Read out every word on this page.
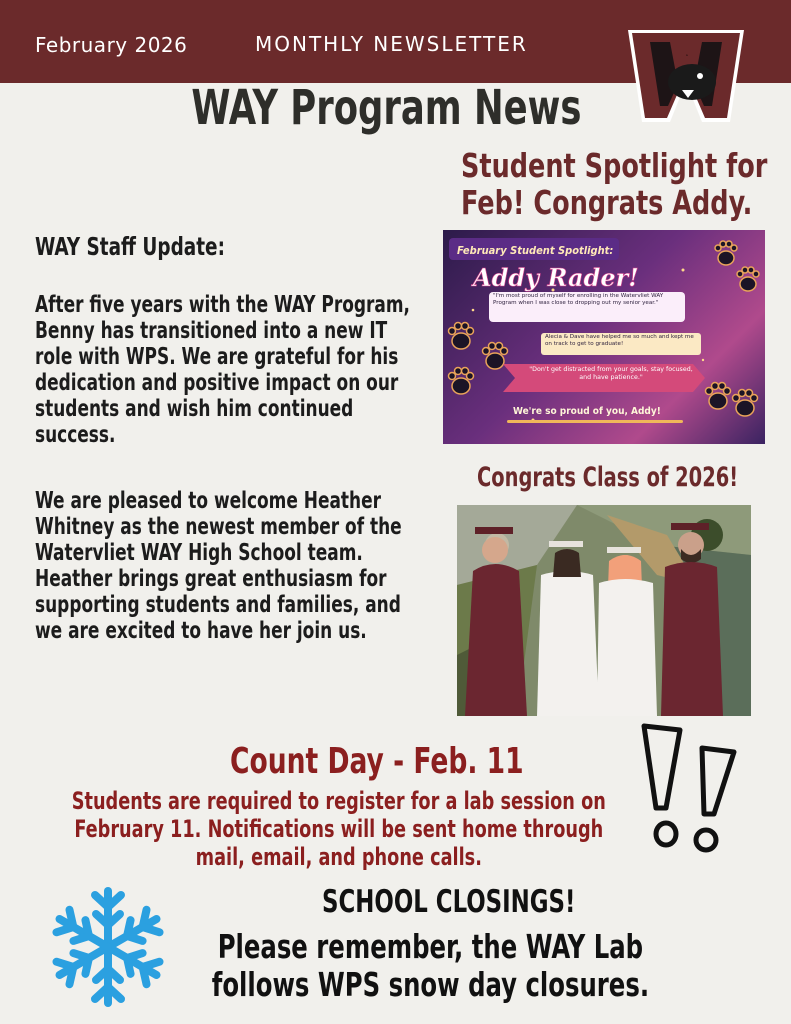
February 2026	MONTHLY NEWSLETTER	W
WAY Program News
Student Spotlight for
Feb! Congrats Addy.
WAY Staff Update:
After five years with the WAY Program, Benny has transitioned into a new IT role with WPS. We are grateful for his dedication and positive impact on our students and wish him continued success.
We are pleased to welcome Heather Whitney as the newest member of the Watervliet WAY High School team. Heather brings great enthusiasm for supporting students and families, and we are excited to have her join us.
February Student Spotlight:
Addy Rader!
"I'm most proud of myself for enrolling in the Watervliet WAY Program when I was close to dropping out my senior year."
Alecia & Dave have helped me so much and kept me on track to get to graduate!
"Don't get distracted from your goals, stay focused, and have patience."
We're so proud of you, Addy!
Congrats Class of 2026!
Count Day - Feb. 11
Students are required to register for a lab session on February 11. Notifications will be sent home through mail, email, and phone calls.
SCHOOL CLOSINGS!
Please remember, the WAY Lab follows WPS snow day closures.
